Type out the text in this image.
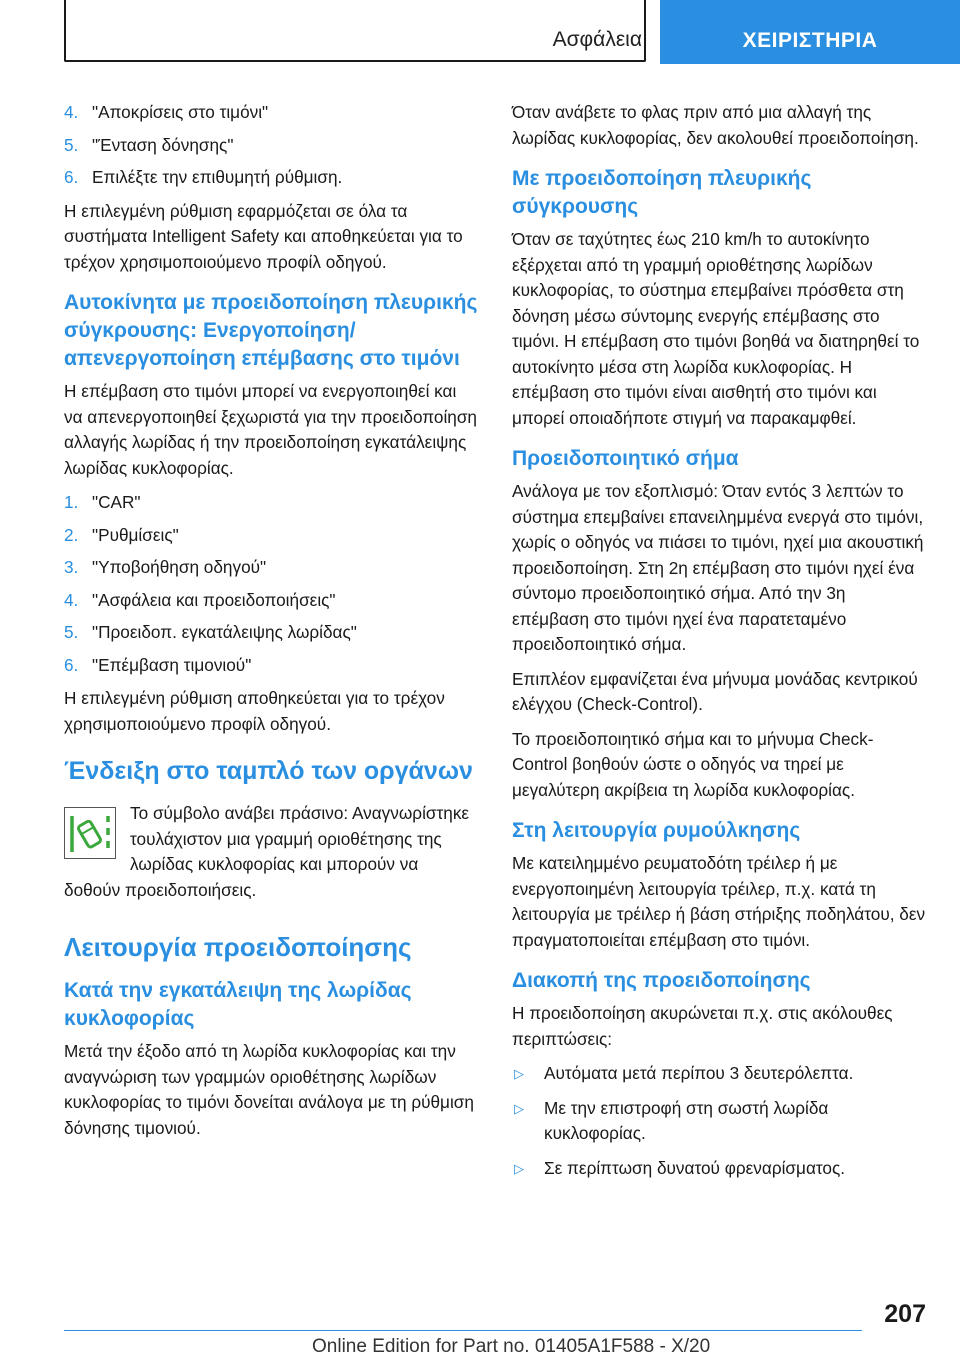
Ασφάλεια	ΧΕΙΡΙΣΤΗΡΙΑ
4. "Αποκρίσεις στο τιμόνι"
5. "Ένταση δόνησης"
6. Επιλέξτε την επιθυμητή ρύθμιση.

Η επιλεγμένη ρύθμιση εφαρμόζεται σε όλα τα συστήματα Intelligent Safety και αποθηκεύεται για το τρέχον χρησιμοποιούμενο προφίλ οδηγού.

Αυτοκίνητα με προειδοποίηση πλευρικής σύγκρουσης: Ενεργοποίηση/απενεργοποίηση επέμβασης στο τιμόνι

Η επέμβαση στο τιμόνι μπορεί να ενεργοποιηθεί και να απενεργοποιηθεί ξεχωριστά για την προειδοποίηση αλλαγής λωρίδας ή την προειδοποίηση εγκατάλειψης λωρίδας κυκλοφορίας.

1. "CAR"
2. "Ρυθμίσεις"
3. "Υποβοήθηση οδηγού"
4. "Ασφάλεια και προειδοποιήσεις"
5. "Προειδοπ. εγκατάλειψης λωρίδας"
6. "Επέμβαση τιμονιού"

Η επιλεγμένη ρύθμιση αποθηκεύεται για το τρέχον χρησιμοποιούμενο προφίλ οδηγού.

Ένδειξη στο ταμπλό των οργάνων

Το σύμβολο ανάβει πράσινο: Αναγνωρίστηκε τουλάχιστον μια γραμμή οριοθέτησης της λωρίδας κυκλοφορίας και μπορούν να δοθούν προειδοποιήσεις.

Λειτουργία προειδοποίησης
Κατά την εγκατάλειψη της λωρίδας κυκλοφορίας

Μετά την έξοδο από τη λωρίδα κυκλοφορίας και την αναγνώριση των γραμμών οριοθέτησης λωρίδων κυκλοφορίας το τιμόνι δονείται ανάλογα με τη ρύθμιση δόνησης τιμονιού.

Όταν ανάβετε το φλας πριν από μια αλλαγή της λωρίδας κυκλοφορίας, δεν ακολουθεί προειδοποίηση.

Με προειδοποίηση πλευρικής σύγκρουσης

Όταν σε ταχύτητες έως 210 km/h το αυτοκίνητο εξέρχεται από τη γραμμή οριοθέτησης λωρίδων κυκλοφορίας, το σύστημα επεμβαίνει πρόσθετα στη δόνηση μέσω σύντομης ενεργής επέμβασης στο τιμόνι. Η επέμβαση στο τιμόνι βοηθά να διατηρηθεί το αυτοκίνητο μέσα στη λωρίδα κυκλοφορίας. Η επέμβαση στο τιμόνι είναι αισθητή στο τιμόνι και μπορεί οποιαδήποτε στιγμή να παρακαμφθεί.

Προειδοποιητικό σήμα

Ανάλογα με τον εξοπλισμό: Όταν εντός 3 λεπτών το σύστημα επεμβαίνει επανειλημμένα ενεργά στο τιμόνι, χωρίς ο οδηγός να πιάσει το τιμόνι, ηχεί μια ακουστική προειδοποίηση. Στη 2η επέμβαση στο τιμόνι ηχεί ένα σύντομο προειδοποιητικό σήμα. Από την 3η επέμβαση στο τιμόνι ηχεί ένα παρατεταμένο προειδοποιητικό σήμα.

Επιπλέον εμφανίζεται ένα μήνυμα μονάδας κεντρικού ελέγχου (Check-Control).

Το προειδοποιητικό σήμα και το μήνυμα Check-Control βοηθούν ώστε ο οδηγός να τηρεί με μεγαλύτερη ακρίβεια τη λωρίδα κυκλοφορίας.

Στη λειτουργία ρυμούλκησης

Με κατειλημμένο ρευματοδότη τρέιλερ ή με ενεργοποιημένη λειτουργία τρέιλερ, π.χ. κατά τη λειτουργία με τρέιλερ ή βάση στήριξης ποδηλάτου, δεν πραγματοποιείται επέμβαση στο τιμόνι.

Διακοπή της προειδοποίησης

Η προειδοποίηση ακυρώνεται π.χ. στις ακόλουθες περιπτώσεις:

▷	Αυτόματα μετά περίπου 3 δευτερόλεπτα.
▷	Με την επιστροφή στη σωστή λωρίδα κυκλοφορίας.
▷	Σε περίπτωση δυνατού φρεναρίσματος.
207
Online Edition for Part no. 01405A1F588 - X/20
